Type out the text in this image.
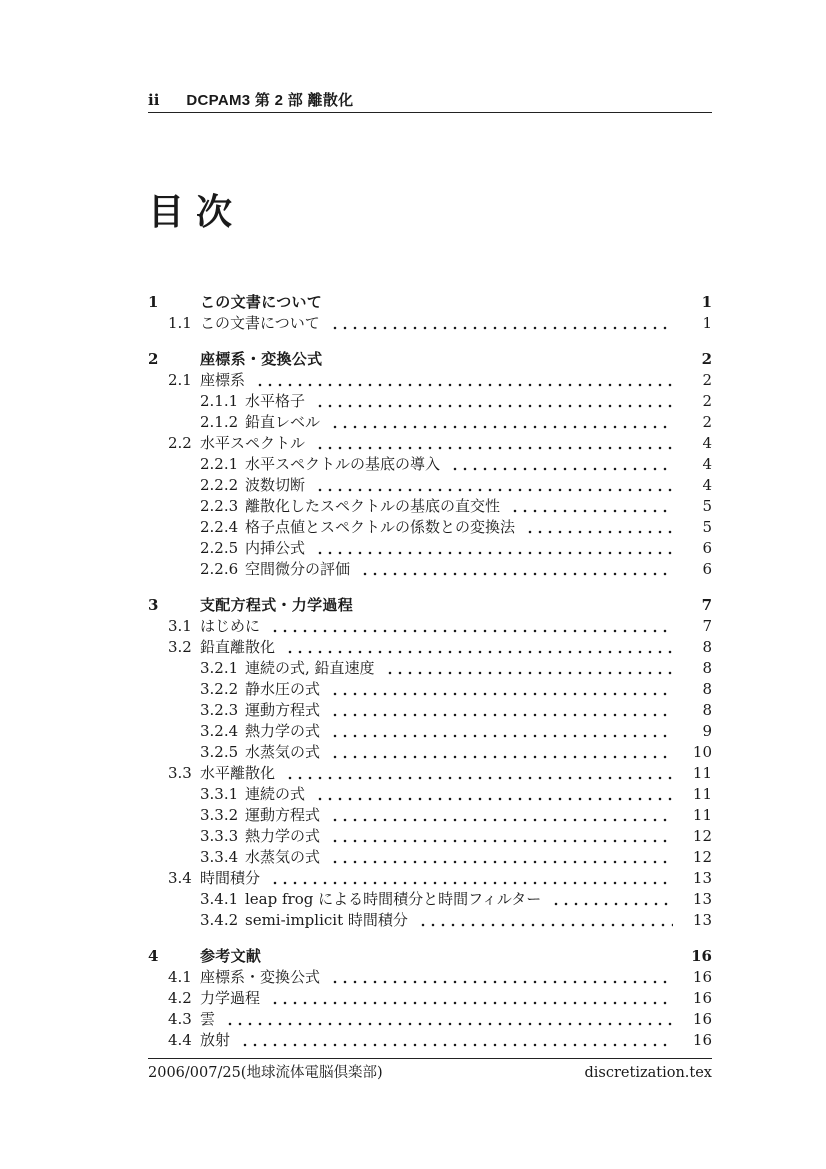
ii DCPAM3 第 2 部 離散化
目 次
1	この文書について	1
1.1 この文書について	1
2	座標系・変換公式	2
2.1 座標系	2
2.1.1 水平格子	2
2.1.2 鉛直レベル	2
2.2 水平スペクトル	4
2.2.1 水平スペクトルの基底の導入	4
2.2.2 波数切断	4
2.2.3 離散化したスペクトルの基底の直交性	5
2.2.4 格子点値とスペクトルの係数との変換法	5
2.2.5 内挿公式	6
2.2.6 空間微分の評価	6
3	支配方程式・力学過程	7
3.1 はじめに	7
3.2 鉛直離散化	8
3.2.1 連続の式, 鉛直速度	8
3.2.2 静水圧の式	8
3.2.3 運動方程式	8
3.2.4 熱力学の式	9
3.2.5 水蒸気の式	10
3.3 水平離散化	11
3.3.1 連続の式	11
3.3.2 運動方程式	11
3.3.3 熱力学の式	12
3.3.4 水蒸気の式	12
3.4 時間積分	13
3.4.1 leap frog による時間積分と時間フィルター	13
3.4.2 semi-implicit 時間積分	13
4	参考文献	16
4.1 座標系・変換公式	16
4.2 力学過程	16
4.3 雲	16
4.4 放射	16
2006/007/25(地球流体電脳倶楽部)	discretization.tex
